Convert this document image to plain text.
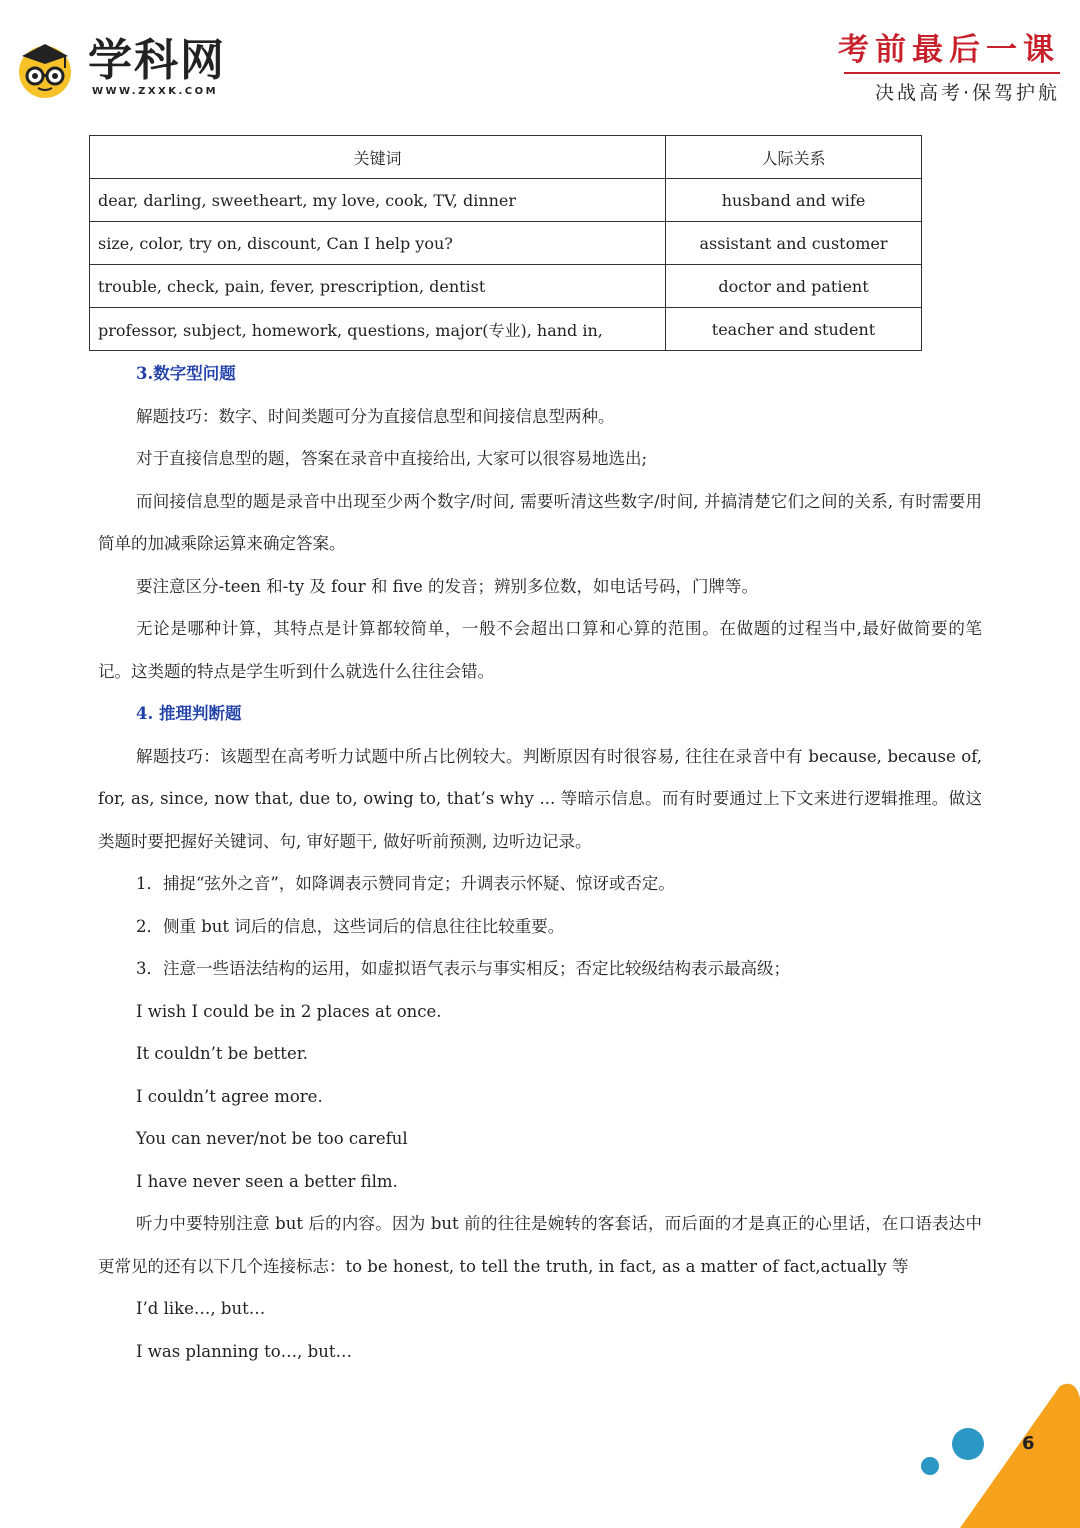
学科网
WWW.ZXXK.COM
考前最后一课
决战高考·保驾护航
关键词	人际关系
dear, darling, sweetheart, my love, cook, TV, dinner	husband and wife
size, color, try on, discount, Can I help you?	assistant and customer
trouble, check, pain, fever, prescription, dentist	doctor and patient
professor, subject, homework, questions, major(专业), hand in,	teacher and student

3.数字型问题

解题技巧：数字、时间类题可分为直接信息型和间接信息型两种。

对于直接信息型的题，答案在录音中直接给出, 大家可以很容易地选出;

而间接信息型的题是录音中出现至少两个数字/时间, 需要听清这些数字/时间, 并搞清楚它们之间的关系, 有时需要用简单的加减乘除运算来确定答案。

要注意区分-teen 和-ty 及 four 和 five 的发音；辨别多位数，如电话号码，门牌等。

无论是哪种计算，其特点是计算都较简单，一般不会超出口算和心算的范围。在做题的过程当中,最好做简要的笔记。这类题的特点是学生听到什么就选什么往往会错。

4. 推理判断题

解题技巧：该题型在高考听力试题中所占比例较大。判断原因有时很容易, 往往在录音中有 because, because of, for, as, since, now that, due to, owing to, that’s why ... 等暗示信息。而有时要通过上下文来进行逻辑推理。做这类题时要把握好关键词、句, 审好题干, 做好听前预测, 边听边记录。

1．捕捉“弦外之音”，如降调表示赞同肯定；升调表示怀疑、惊讶或否定。

2．侧重 but 词后的信息，这些词后的信息往往比较重要。

3．注意一些语法结构的运用，如虚拟语气表示与事实相反；否定比较级结构表示最高级；

I wish I could be in 2 places at once.

It couldn’t be better.

I couldn’t agree more.

You can never/not be too careful

I have never seen a better film.

听力中要特别注意 but 后的内容。因为 but 前的往往是婉转的客套话，而后面的才是真正的心里话，在口语表达中更常见的还有以下几个连接标志：to be honest, to tell the truth, in fact, as a matter of fact,actually 等

I’d like…, but…

I was planning to…, but…

6
